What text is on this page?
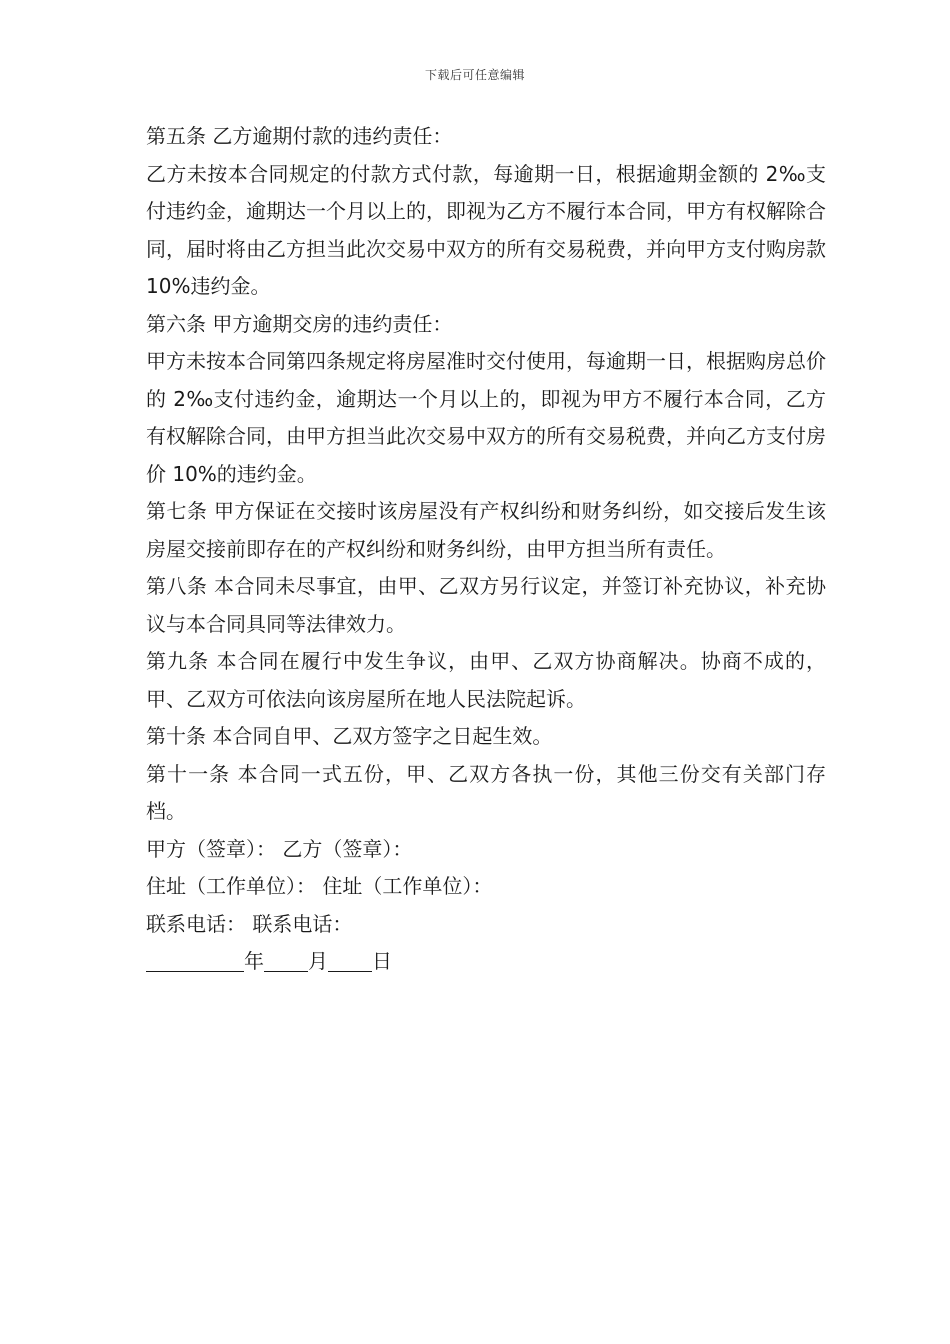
下载后可任意编辑

第五条 乙方逾期付款的违约责任：

乙方未按本合同规定的付款方式付款，每逾期一日，根据逾期金额的 2‰支付违约金，逾期达一个月以上的，即视为乙方不履行本合同，甲方有权解除合同，届时将由乙方担当此次交易中双方的所有交易税费，并向甲方支付购房款 10%违约金。

第六条 甲方逾期交房的违约责任：

甲方未按本合同第四条规定将房屋准时交付使用，每逾期一日，根据购房总价的 2‰支付违约金，逾期达一个月以上的，即视为甲方不履行本合同，乙方有权解除合同，由甲方担当此次交易中双方的所有交易税费，并向乙方支付房价 10%的违约金。

第七条 甲方保证在交接时该房屋没有产权纠纷和财务纠纷，如交接后发生该房屋交接前即存在的产权纠纷和财务纠纷，由甲方担当所有责任。

第八条 本合同未尽事宜，由甲、乙双方另行议定，并签订补充协议，补充协议与本合同具同等法律效力。

第九条 本合同在履行中发生争议，由甲、乙双方协商解决。协商不成的，甲、乙双方可依法向该房屋所在地人民法院起诉。

第十条 本合同自甲、乙双方签字之日起生效。

第十一条 本合同一式五份，甲、乙双方各执一份，其他三份交有关部门存档。

甲方（签章）： 乙方（签章）：

住址（工作单位）： 住址（工作单位）：

联系电话： 联系电话：

年 月 日
